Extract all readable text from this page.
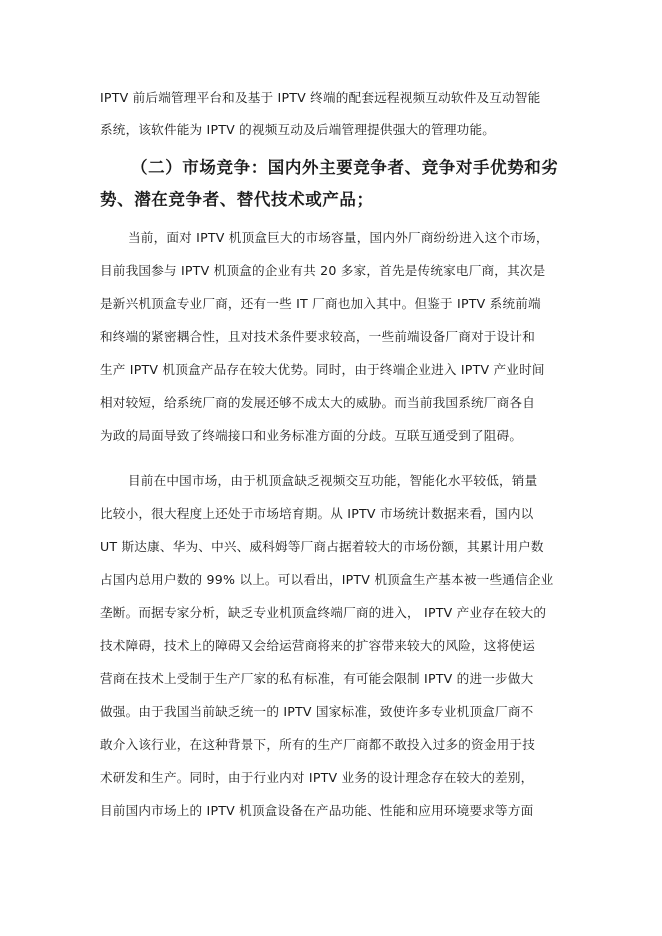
IPTV 前后端管理平台和及基于 IPTV 终端的配套远程视频互动软件及互动智能
系统，该软件能为 IPTV 的视频互动及后端管理提供强大的管理功能。
（二）市场竞争：国内外主要竞争者、竞争对手优势和劣
势、潜在竞争者、替代技术或产品；
当前，面对 IPTV 机顶盒巨大的市场容量，国内外厂商纷纷进入这个市场，
目前我国参与 IPTV 机顶盒的企业有共 20 多家，首先是传统家电厂商，其次是
是新兴机顶盒专业厂商，还有一些 IT 厂商也加入其中。但鉴于 IPTV 系统前端
和终端的紧密耦合性，且对技术条件要求较高，一些前端设备厂商对于设计和
生产 IPTV 机顶盒产品存在较大优势。同时，由于终端企业进入 IPTV 产业时间
相对较短，给系统厂商的发展还够不成太大的威胁。而当前我国系统厂商各自
为政的局面导致了终端接口和业务标准方面的分歧。互联互通受到了阻碍。
目前在中国市场，由于机顶盒缺乏视频交互功能，智能化水平较低，销量
比较小，很大程度上还处于市场培育期。从 IPTV 市场统计数据来看，国内以
UT 斯达康、华为、中兴、威科姆等厂商占据着较大的市场份额，其累计用户数
占国内总用户数的 99% 以上。可以看出，IPTV 机顶盒生产基本被一些通信企业
垄断。而据专家分析，缺乏专业机顶盒终端厂商的进入， IPTV 产业存在较大的
技术障碍，技术上的障碍又会给运营商将来的扩容带来较大的风险，这将使运
营商在技术上受制于生产厂家的私有标准，有可能会限制 IPTV 的进一步做大
做强。由于我国当前缺乏统一的 IPTV 国家标准，致使许多专业机顶盒厂商不
敢介入该行业，在这种背景下，所有的生产厂商都不敢投入过多的资金用于技
术研发和生产。同时，由于行业内对 IPTV 业务的设计理念存在较大的差别，
目前国内市场上的 IPTV 机顶盒设备在产品功能、性能和应用环境要求等方面
